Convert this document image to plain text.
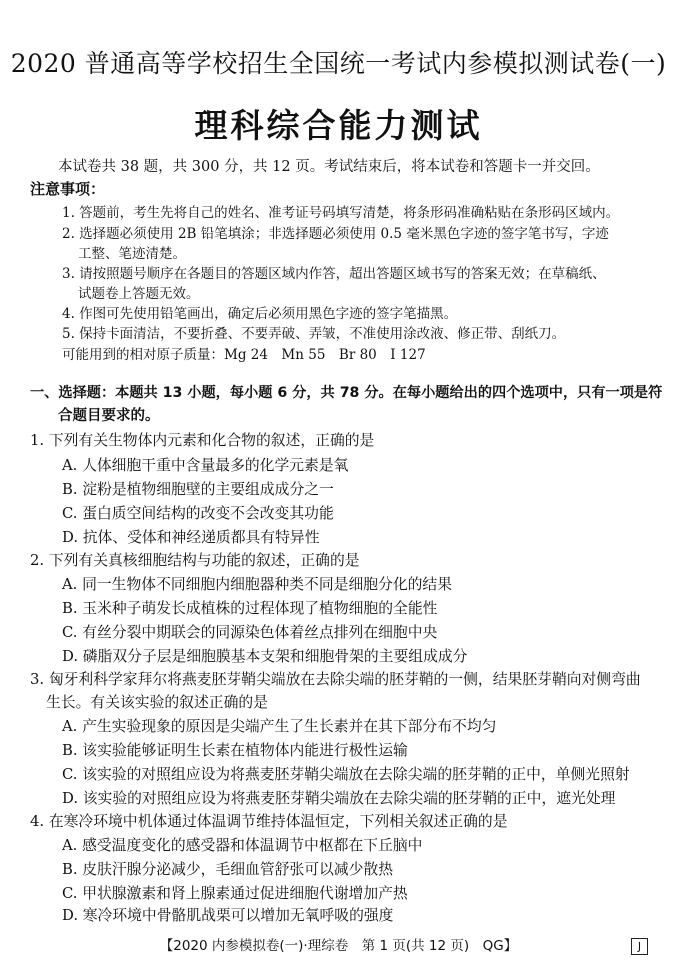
2020 普通高等学校招生全国统一考试内参模拟测试卷(一)
理科综合能力测试
本试卷共 38 题，共 300 分，共 12 页。考试结束后，将本试卷和答题卡一并交回。
注意事项：
1. 答题前，考生先将自己的姓名、准考证号码填写清楚，将条形码准确粘贴在条形码区域内。
2. 选择题必须使用 2B 铅笔填涂；非选择题必须使用 0.5 毫米黑色字迹的签字笔书写，字迹
工整、笔迹清楚。
3. 请按照题号顺序在各题目的答题区域内作答，超出答题区域书写的答案无效；在草稿纸、
试题卷上答题无效。
4. 作图可先使用铅笔画出，确定后必须用黑色字迹的签字笔描黑。
5. 保持卡面清洁，不要折叠、不要弄破、弄皱，不准使用涂改液、修正带、刮纸刀。
可能用到的相对原子质量：Mg 24　Mn 55　Br 80　I 127
一、选择题：本题共 13 小题，每小题 6 分，共 78 分。在每小题给出的四个选项中，只有一项是符
合题目要求的。
1. 下列有关生物体内元素和化合物的叙述，正确的是
A. 人体细胞干重中含量最多的化学元素是氧
B. 淀粉是植物细胞壁的主要组成成分之一
C. 蛋白质空间结构的改变不会改变其功能
D. 抗体、受体和神经递质都具有特异性
2. 下列有关真核细胞结构与功能的叙述，正确的是
A. 同一生物体不同细胞内细胞器种类不同是细胞分化的结果
B. 玉米种子萌发长成植株的过程体现了植物细胞的全能性
C. 有丝分裂中期联会的同源染色体着丝点排列在细胞中央
D. 磷脂双分子层是细胞膜基本支架和细胞骨架的主要组成成分
3. 匈牙利科学家拜尔将燕麦胚芽鞘尖端放在去除尖端的胚芽鞘的一侧，结果胚芽鞘向对侧弯曲
生长。有关该实验的叙述正确的是
A. 产生实验现象的原因是尖端产生了生长素并在其下部分布不均匀
B. 该实验能够证明生长素在植物体内能进行极性运输
C. 该实验的对照组应设为将燕麦胚芽鞘尖端放在去除尖端的胚芽鞘的正中，单侧光照射
D. 该实验的对照组应设为将燕麦胚芽鞘尖端放在去除尖端的胚芽鞘的正中，遮光处理
4. 在寒冷环境中机体通过体温调节维持体温恒定，下列相关叙述正确的是
A. 感受温度变化的感受器和体温调节中枢都在下丘脑中
B. 皮肤汗腺分泌减少，毛细血管舒张可以减少散热
C. 甲状腺激素和肾上腺素通过促进细胞代谢增加产热
D. 寒冷环境中骨骼肌战栗可以增加无氧呼吸的强度
【2020 内参模拟卷(一)·理综卷　第 1 页(共 12 页)　QG】	J
